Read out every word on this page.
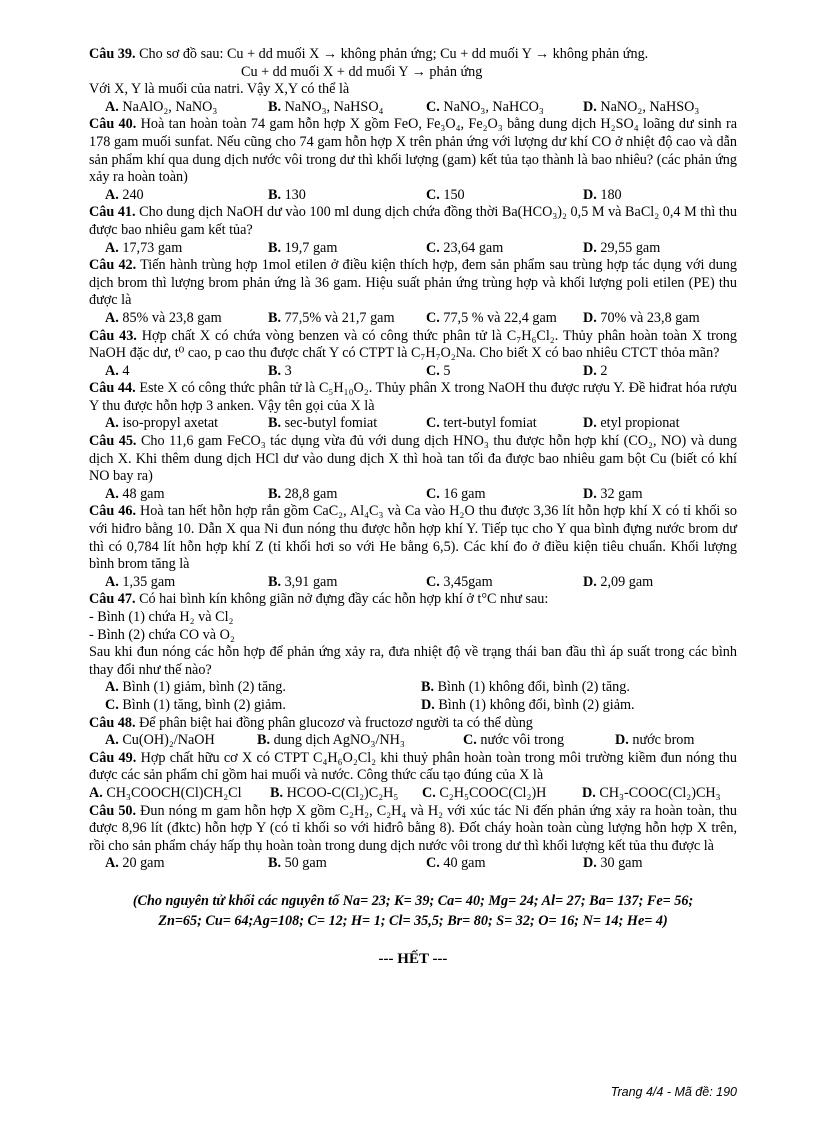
Câu 39. Cho sơ đồ sau: Cu + dd muối X → không phản ứng; Cu + dd muối Y → không phản ứng.

Cu + dd muối X + dd muối Y → phản ứng

Với X, Y là muối của natri. Vậy X,Y có thể là

A. NaAlO₂, NaNO₃	B. NaNO₃, NaHSO₄	C. NaNO₃, NaHCO₃	D. NaNO₂, NaHSO₃

Câu 40. Hoà tan hoàn toàn 74 gam hỗn hợp X gồm FeO, Fe₃O₄, Fe₂O₃ bằng dung dịch H₂SO₄ loãng dư sinh ra 178 gam muối sunfat. Nếu cũng cho 74 gam hỗn hợp X trên phản ứng với lượng dư khí CO ở nhiệt độ cao và dẫn sản phẩm khí qua dung dịch nước vôi trong dư thì khối lượng (gam) kết tủa tạo thành là bao nhiêu? (các phản ứng xảy ra hoàn toàn)

A. 240	B. 130	C. 150	D. 180

Câu 41. Cho dung dịch NaOH dư vào 100 ml dung dịch chứa đồng thời Ba(HCO₃)₂ 0,5 M và BaCl₂ 0,4 M thì thu được bao nhiêu gam kết tủa?

A. 17,73 gam	B. 19,7 gam	C. 23,64 gam	D. 29,55 gam

Câu 42. Tiến hành trùng hợp 1mol etilen ở điều kiện thích hợp, đem sản phẩm sau trùng hợp tác dụng với dung dịch brom thì lượng brom phản ứng là 36 gam. Hiệu suất phản ứng trùng hợp và khối lượng poli etilen (PE) thu được là

A. 85% và 23,8 gam	B. 77,5% và 21,7 gam	C. 77,5 % và 22,4 gam	D. 70% và 23,8 gam

Câu 43. Hợp chất X có chứa vòng benzen và có công thức phân tử là C₇H₆Cl₂. Thủy phân hoàn toàn X trong NaOH đặc dư, t⁰ cao, p cao thu được chất Y có CTPT là C₇H₇O₂Na. Cho biết X có bao nhiêu CTCT thỏa mãn?

A. 4	B. 3	C. 5	D. 2

Câu 44. Este X có công thức phân tử là C₅H₁₀O₂. Thủy phân X trong NaOH thu được rượu Y. Đề hiđrat hóa rượu Y thu được hỗn hợp 3 anken. Vậy tên gọi của X là

A. iso-propyl axetat	B. sec-butyl fomiat	C. tert-butyl fomiat	D. etyl propionat

Câu 45. Cho 11,6 gam FeCO₃ tác dụng vừa đủ với dung dịch HNO₃ thu được hỗn hợp khí (CO₂, NO) và dung dịch X. Khi thêm dung dịch HCl dư vào dung dịch X thì hoà tan tối đa được bao nhiêu gam bột Cu (biết có khí NO bay ra)

A. 48 gam	B. 28,8 gam	C. 16 gam	D. 32 gam

Câu 46. Hoà tan hết hỗn hợp rắn gồm CaC₂, Al₄C₃ và Ca vào H₂O thu được 3,36 lít hỗn hợp khí X có tỉ khối so với hiđro bằng 10. Dẫn X qua Ni đun nóng thu được hỗn hợp khí Y. Tiếp tục cho Y qua bình đựng nước brom dư thì có 0,784 lít hỗn hợp khí Z (tỉ khối hơi so với He bằng 6,5). Các khí đo ở điều kiện tiêu chuẩn. Khối lượng bình brom tăng là

A. 1,35 gam	B. 3,91 gam	C. 3,45gam	D. 2,09 gam

Câu 47. Có hai bình kín không giãn nở đựng đầy các hỗn hợp khí ở t°C như sau:

- Bình (1) chứa H₂ và Cl₂

- Bình (2) chứa CO và O₂

Sau khi đun nóng các hỗn hợp để phản ứng xảy ra, đưa nhiệt độ về trạng thái ban đầu thì áp suất trong các bình thay đổi như thế nào?

A. Bình (1) giảm, bình (2) tăng.	B. Bình (1) không đổi, bình (2) tăng.
C. Bình (1) tăng, bình (2) giảm.	D. Bình (1) không đổi, bình (2) giảm.

Câu 48. Để phân biệt hai đồng phân glucozơ và fructozơ người ta có thể dùng

A. Cu(OH)₂/NaOH	B. dung dịch AgNO₃/NH₃	C. nước vôi trong	D. nước brom

Câu 49. Hợp chất hữu cơ X có CTPT C₄H₆O₂Cl₂ khi thuỷ phân hoàn toàn trong môi trường kiềm đun nóng thu được các sản phẩm chỉ gồm hai muối và nước. Công thức cấu tạo đúng của X là

A. CH₃COOCH(Cl)CH₂Cl	B. HCOO-C(Cl₂)C₂H₅	C. C₂H₅COOC(Cl₂)H	D. CH₃-COOC(Cl₂)CH₃

Câu 50. Đun nóng m gam hỗn hợp X gồm C₂H₂, C₂H₄ và H₂ với xúc tác Ni đến phản ứng xảy ra hoàn toàn, thu được 8,96 lít (đktc) hỗn hợp Y (có tỉ khối so với hiđrô bằng 8). Đốt cháy hoàn toàn cùng lượng hỗn hợp X trên, rồi cho sản phẩm cháy hấp thụ hoàn toàn trong dung dịch nước vôi trong dư thì khối lượng kết tủa thu được là

A. 20 gam	B. 50 gam	C. 40 gam	D. 30 gam
(Cho nguyên tử khối các nguyên tố Na= 23; K= 39; Ca= 40; Mg= 24; Al= 27; Ba= 137; Fe= 56;
Zn=65; Cu= 64;Ag=108; C= 12; H= 1; Cl= 35,5; Br= 80; S= 32; O= 16; N= 14; He= 4)
--- HẾT ---
Trang 4/4 - Mã đề: 190
